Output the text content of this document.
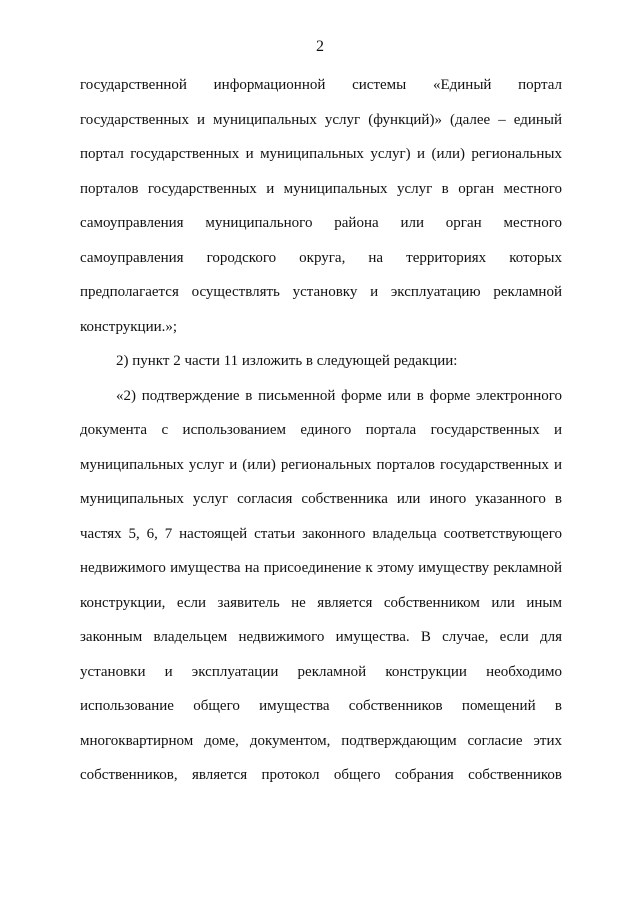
2
государственной информационной системы «Единый портал
государственных и муниципальных услуг (функций)» (далее – единый
портал государственных и муниципальных услуг) и (или) региональных
порталов государственных и муниципальных услуг в орган местного
самоуправления муниципального района или орган местного
самоуправления городского округа, на территориях которых
предполагается осуществлять установку и эксплуатацию рекламной
конструкции.»;
2) пункт 2 части 11 изложить в следующей редакции:
«2) подтверждение в письменной форме или в форме электронного
документа с использованием единого портала государственных и
муниципальных услуг и (или) региональных порталов государственных и
муниципальных услуг согласия собственника или иного указанного в
частях 5, 6, 7 настоящей статьи законного владельца соответствующего
недвижимого имущества на присоединение к этому имуществу рекламной
конструкции, если заявитель не является собственником или иным
законным владельцем недвижимого имущества. В случае, если для
установки и эксплуатации рекламной конструкции необходимо
использование общего имущества собственников помещений в
многоквартирном доме, документом, подтверждающим согласие этих
собственников, является протокол общего собрания собственников
